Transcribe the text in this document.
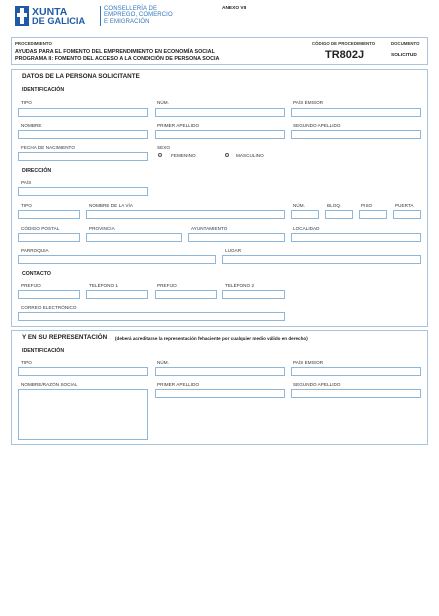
XUNTA
DE GALICIA
CONSELLERÍA DE
EMPREGO, COMERCIO
E EMIGRACIÓN
ANEXO VII
PROCEDIMIENTO
AYUDAS PARA EL FOMENTO DEL EMPRENDIMIENTO EN ECONOMÍA SOCIAL
PROGRAMA II: FOMENTO DEL ACCESO A LA CONDICIÓN DE PERSONA SOCIA
CÓDIGO DE PROCEDIMIENTO
TR802J
DOCUMENTO
SOLICITUD
DATOS DE LA PERSONA SOLICITANTE
IDENTIFICACIÓN
TIPO	NÚM.	PAÍS EMISOR
NOMBRE	PRIMER APELLIDO	SEGUNDO APELLIDO
FECHA DE NACIMIENTO	SEXO
FEMENINO	MASCULINO
DIRECCIÓN
PAÍS
TIPO	NOMBRE DE LA VÍA	NÚM.	BLOQ.	PISO	PUERTA
CÓDIGO POSTAL	PROVINCIA	AYUNTAMIENTO	LOCALIDAD
PARROQUIA	LUGAR
CONTACTO
PREFIJO	TELÉFONO 1	PREFIJO	TELÉFONO 2
CORREO ELECTRÓNICO
Y EN SU REPRESENTACIÓN (deberá acreditarse la representación fehaciente por cualquier medio válido en derecho)
IDENTIFICACIÓN
TIPO	NÚM.	PAÍS EMISOR
NOMBRE/RAZÓN SOCIAL	PRIMER APELLIDO	SEGUNDO APELLIDO
